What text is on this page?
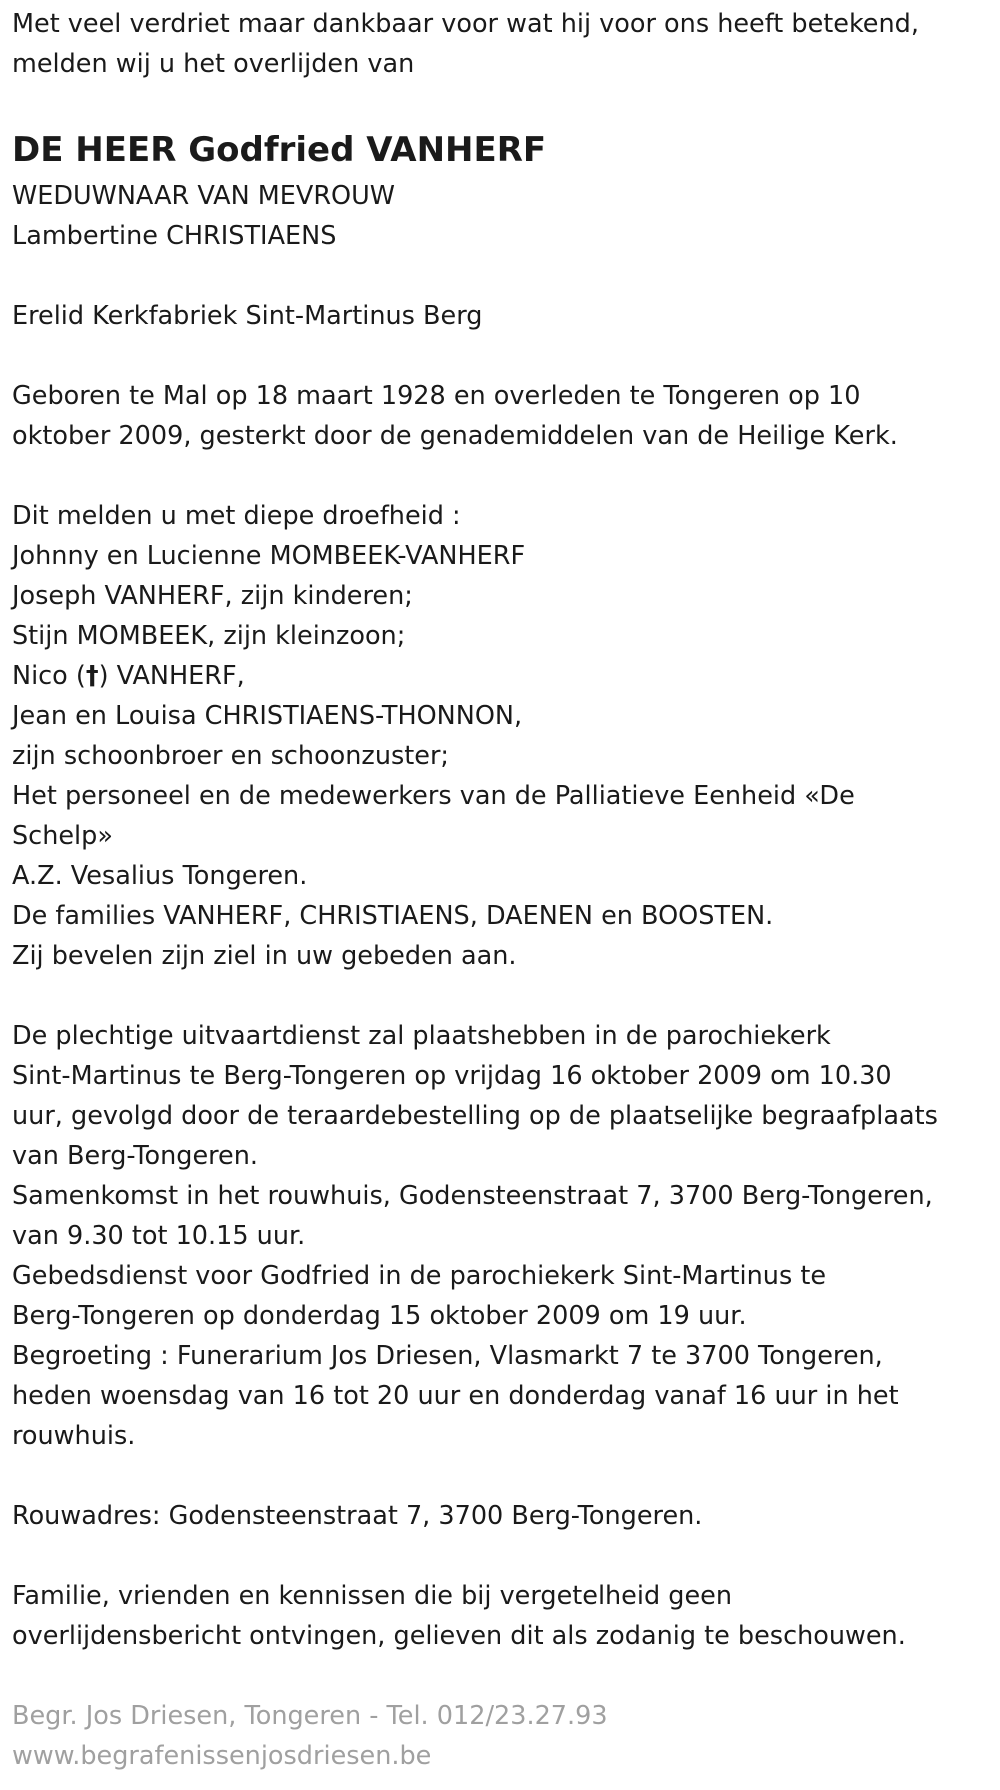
Met veel verdriet maar dankbaar voor wat hij voor ons heeft betekend,
melden wij u het overlijden van
DE HEER Godfried VANHERF
WEDUWNAAR VAN MEVROUW
Lambertine CHRISTIAENS
Erelid Kerkfabriek Sint-Martinus Berg
Geboren te Mal op 18 maart 1928 en overleden te Tongeren op 10
oktober 2009, gesterkt door de genademiddelen van de Heilige Kerk.
Dit melden u met diepe droefheid :
Johnny en Lucienne MOMBEEK-VANHERF
Joseph VANHERF, zijn kinderen;
Stijn MOMBEEK, zijn kleinzoon;
Nico (†) VANHERF,
Jean en Louisa CHRISTIAENS-THONNON,
zijn schoonbroer en schoonzuster;
Het personeel en de medewerkers van de Palliatieve Eenheid «De
Schelp»
A.Z. Vesalius Tongeren.
De families VANHERF, CHRISTIAENS, DAENEN en BOOSTEN.
Zij bevelen zijn ziel in uw gebeden aan.
De plechtige uitvaartdienst zal plaatshebben in de parochiekerk
Sint-Martinus te Berg-Tongeren op vrijdag 16 oktober 2009 om 10.30
uur, gevolgd door de teraardebestelling op de plaatselijke begraafplaats
van Berg-Tongeren.
Samenkomst in het rouwhuis, Godensteenstraat 7, 3700 Berg-Tongeren,
van 9.30 tot 10.15 uur.
Gebedsdienst voor Godfried in de parochiekerk Sint-Martinus te
Berg-Tongeren op donderdag 15 oktober 2009 om 19 uur.
Begroeting : Funerarium Jos Driesen, Vlasmarkt 7 te 3700 Tongeren,
heden woensdag van 16 tot 20 uur en donderdag vanaf 16 uur in het
rouwhuis.
Rouwadres: Godensteenstraat 7, 3700 Berg-Tongeren.
Familie, vrienden en kennissen die bij vergetelheid geen
overlijdensbericht ontvingen, gelieven dit als zodanig te beschouwen.
Begr. Jos Driesen, Tongeren - Tel. 012/23.27.93
www.begrafenissenjosdriesen.be
